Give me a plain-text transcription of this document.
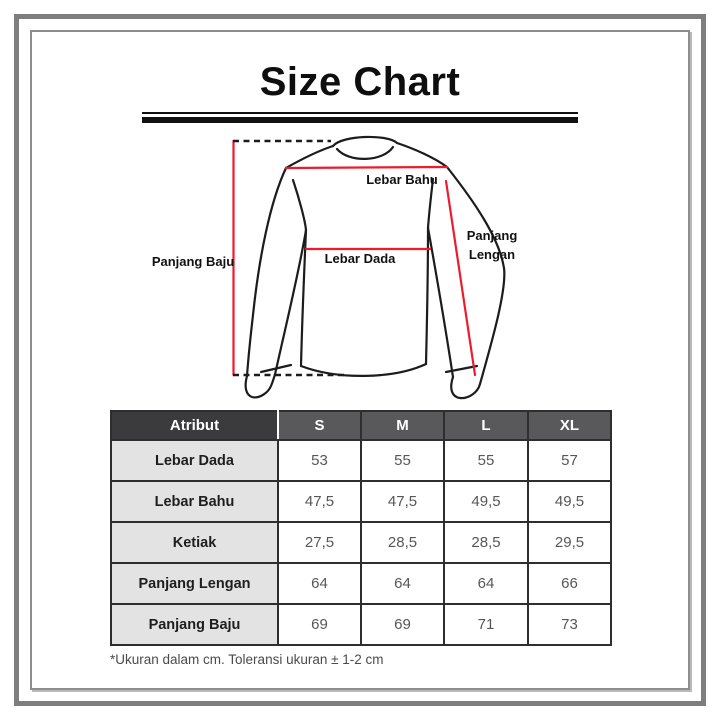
Size Chart
Panjang Baju
Lebar Bahu
Lebar Dada
Panjang Lengan
Atribut	S	M	L	XL
Lebar Dada	53	55	55	57
Lebar Bahu	47,5	47,5	49,5	49,5
Ketiak	27,5	28,5	28,5	29,5
Panjang Lengan	64	64	64	66
Panjang Baju	69	69	71	73
*Ukuran dalam cm. Toleransi ukuran ± 1-2 cm
